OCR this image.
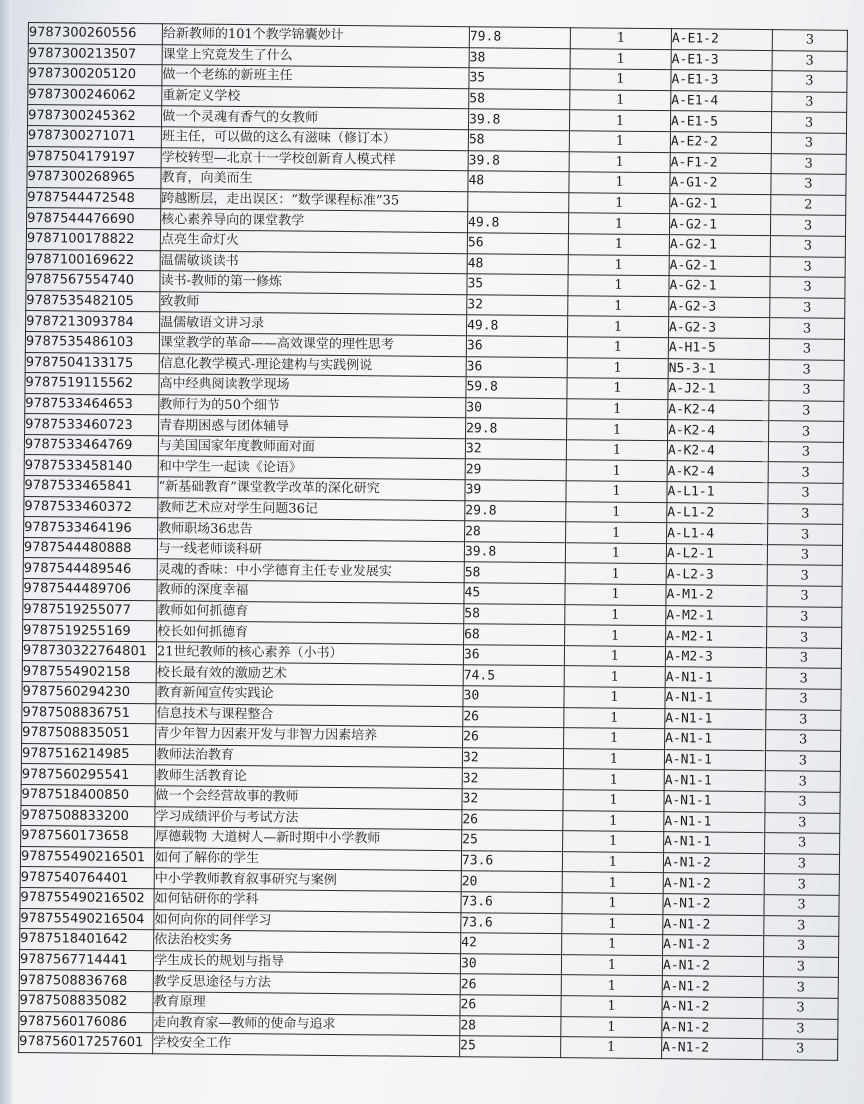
9787300260556	给新教师的101个教学锦囊妙计	79.8	1	A-E1-2	3
9787300213507	课堂上究竟发生了什么	38	1	A-E1-3	3
9787300205120	做一个老练的新班主任	35	1	A-E1-3	3
9787300246062	重新定义学校	58	1	A-E1-4	3
9787300245362	做一个灵魂有香气的女教师	39.8	1	A-E1-5	3
9787300271071	班主任，可以做的这么有滋味（修订本）	58	1	A-E2-2	3
9787504179197	学校转型—北京十一学校创新育人模式样	39.8	1	A-F1-2	3
9787300268965	教育，向美而生	48	1	A-G1-2	3
9787544472548	跨越断层，走出误区：“数学课程标准”35		1	A-G2-1	2
9787544476690	核心素养导向的课堂教学	49.8	1	A-G2-1	3
9787100178822	点亮生命灯火	56	1	A-G2-1	3
9787100169622	温儒敏谈读书	48	1	A-G2-1	3
9787567554740	读书-教师的第一修炼	35	1	A-G2-1	3
9787535482105	致教师	32	1	A-G2-3	3
9787213093784	温儒敏语文讲习录	49.8	1	A-G2-3	3
9787535486103	课堂教学的革命——高效课堂的理性思考	36	1	A-H1-5	3
9787504133175	信息化教学模式-理论建构与实践例说	36	1	N5-3-1	3
9787519115562	高中经典阅读教学现场	59.8	1	A-J2-1	3
9787533464653	教师行为的50个细节	30	1	A-K2-4	3
9787533460723	青春期困惑与团体辅导	29.8	1	A-K2-4	3
9787533464769	与美国国家年度教师面对面	32	1	A-K2-4	3
9787533458140	和中学生一起读《论语》	29	1	A-K2-4	3
9787533465841	“新基础教育”课堂教学改革的深化研究	39	1	A-L1-1	3
9787533460372	教师艺术应对学生问题36记	29.8	1	A-L1-2	3
9787533464196	教师职场36忠告	28	1	A-L1-4	3
9787544480888	与一线老师谈科研	39.8	1	A-L2-1	3
9787544489546	灵魂的香味：中小学德育主任专业发展实	58	1	A-L2-3	3
9787544489706	教师的深度幸福	45	1	A-M1-2	3
9787519255077	教师如何抓德育	58	1	A-M2-1	3
9787519255169	校长如何抓德育	68	1	A-M2-1	3
978730322764801	21世纪教师的核心素养（小书）	36	1	A-M2-3	3
9787554902158	校长最有效的激励艺术	74.5	1	A-N1-1	3
9787560294230	教育新闻宣传实践论	30	1	A-N1-1	3
9787508836751	信息技术与课程整合	26	1	A-N1-1	3
9787508835051	青少年智力因素开发与非智力因素培养	26	1	A-N1-1	3
9787516214985	教师法治教育	32	1	A-N1-1	3
9787560295541	教师生活教育论	32	1	A-N1-1	3
9787518400850	做一个会经营故事的教师	32	1	A-N1-1	3
9787508833200	学习成绩评价与考试方法	26	1	A-N1-1	3
9787560173658	厚德载物 大道树人—新时期中小学教师	25	1	A-N1-1	3
978755490216501	如何了解你的学生	73.6	1	A-N1-2	3
9787540764401	中小学教师教育叙事研究与案例	20	1	A-N1-2	3
978755490216502	如何钻研你的学科	73.6	1	A-N1-2	3
978755490216504	如何向你的同伴学习	73.6	1	A-N1-2	3
9787518401642	依法治校实务	42	1	A-N1-2	3
9787567714441	学生成长的规划与指导	30	1	A-N1-2	3
9787508836768	教学反思途径与方法	26	1	A-N1-2	3
9787508835082	教育原理	26	1	A-N1-2	3
9787560176086	走向教育家—教师的使命与追求	28	1	A-N1-2	3
978756017257601	学校安全工作	25	1	A-N1-2	3
